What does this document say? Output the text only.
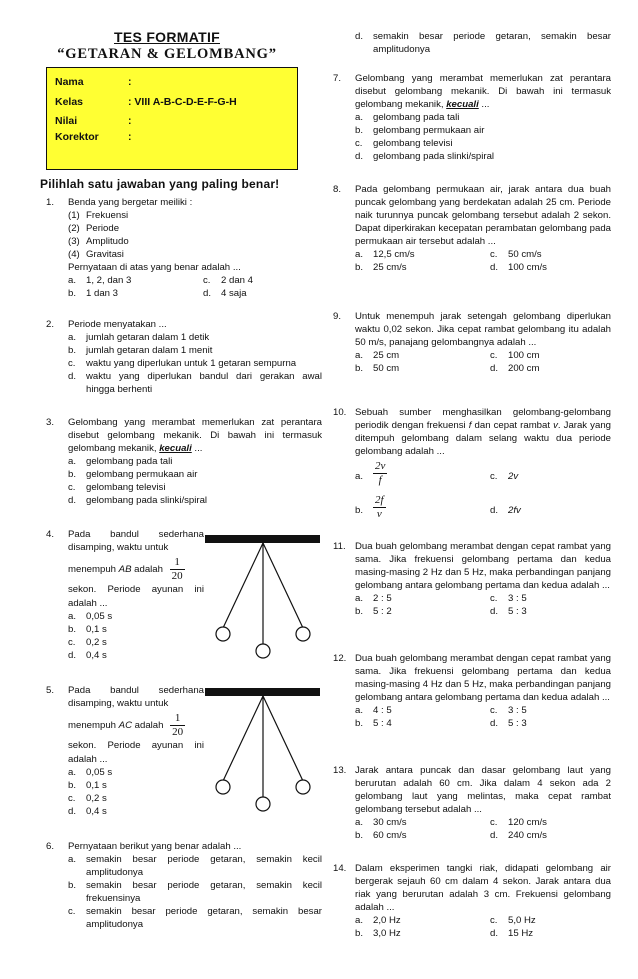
TES FORMATIF
“GETARAN & GELOMBANG”
Nama	:
Kelas	: VIII A-B-C-D-E-F-G-H
Nilai	:
Korektor	:
Pilihlah satu jawaban yang paling benar!
1. Benda yang bergetar meiliki :
(1) Frekuensi
(2) Periode
(3) Amplitudo
(4) Gravitasi
Pernyataan di atas yang benar adalah ...
a. 1, 2, dan 3	c. 2 dan 4
b. 1 dan 3	d. 4 saja
2. Periode menyatakan ...
a. jumlah getaran dalam 1 detik
b. jumlah getaran dalam 1 menit
c. waktu yang diperlukan untuk 1 getaran sempurna
d. waktu yang diperlukan bandul dari gerakan awal hingga berhenti
3. Gelombang yang merambat memerlukan zat perantara disebut gelombang mekanik. Di bawah ini termasuk gelombang mekanik, kecuali ...
a. gelombang pada tali
b. gelombang permukaan air
c. gelombang televisi
d. gelombang pada slinki/spiral
4. Pada bandul sederhana disamping, waktu untuk
menempuh AB adalah $\frac{1}{20}$
sekon. Periode ayunan ini adalah ...
a. 0,05 s
b. 0,1 s
c. 0,2 s
d. 0,4 s
5. Pada bandul sederhana disamping, waktu untuk
menempuh AC adalah $\frac{1}{20}$
sekon. Periode ayunan ini adalah ...
a. 0,05 s
b. 0,1 s
c. 0,2 s
d. 0,4 s
6. Pernyataan berikut yang benar adalah ...
a. semakin besar periode getaran, semakin kecil amplitudonya
b. semakin besar periode getaran, semakin kecil frekuensinya
c. semakin besar periode getaran, semakin besar amplitudonya
d. semakin besar periode getaran, semakin besar amplitudonya
7. Gelombang yang merambat memerlukan zat perantara disebut gelombang mekanik. Di bawah ini termasuk gelombang mekanik, kecuali ...
a. gelombang pada tali
b. gelombang permukaan air
c. gelombang televisi
d. gelombang pada slinki/spiral
8. Pada gelombang permukaan air, jarak antara dua buah puncak gelombang yang berdekatan adalah 25 cm. Periode naik turunnya puncak gelombang tersebut adalah 2 sekon. Dapat diperkirakan kecepatan perambatan gelombang pada permukaan air tersebut adalah ...
a. 12,5 cm/s	c. 50 cm/s
b. 25 cm/s	d. 100 cm/s
9. Untuk menempuh jarak setengah gelombang diperlukan waktu 0,02 sekon. Jika cepat rambat gelombang itu adalah 50 m/s, panajang gelombangnya adalah ...
a. 25 cm	c. 100 cm
b. 50 cm	d. 200 cm
10. Sebuah sumber menghasilkan gelombang-gelombang periodik dengan frekuensi f dan cepat rambat v. Jarak yang ditempuh gelombang dalam selang waktu dua periode gelombang adalah ...
a. $\frac{2v}{f}$	c. 2v
b. $\frac{2f}{v}$	d. 2fv
11. Dua buah gelombang merambat dengan cepat rambat yang sama. Jika frekuensi gelombang pertama dan kedua masing-masing 2 Hz dan 5 Hz, maka perbandingan panjang gelombang antara gelombang pertama dan kedua adalah ...
a. 2 : 5	c. 3 : 5
b. 5 : 2	d. 5 : 3
12. Dua buah gelombang merambat dengan cepat rambat yang sama. Jika frekuensi gelombang pertama dan kedua masing-masing 4 Hz dan 5 Hz, maka perbandingan panjang gelombang antara gelombang pertama dan kedua adalah ...
a. 4 : 5	c. 3 : 5
b. 5 : 4	d. 5 : 3
13. Jarak antara puncak dan dasar gelombang laut yang berurutan adalah 60 cm. Jika dalam 4 sekon ada 2 gelombang laut yang melintas, maka cepat rambat gelombang tersebut adalah ...
a. 30 cm/s	c. 120 cm/s
b. 60 cm/s	d. 240 cm/s
14. Dalam eksperimen tangki riak, didapati gelombang air bergerak sejauh 60 cm dalam 4 sekon. Jarak antara dua riak yang berurutan adalah 3 cm. Frekuensi gelombang adalah ...
a. 2,0 Hz	c. 5,0 Hz
b. 3,0 Hz	d. 15 Hz
